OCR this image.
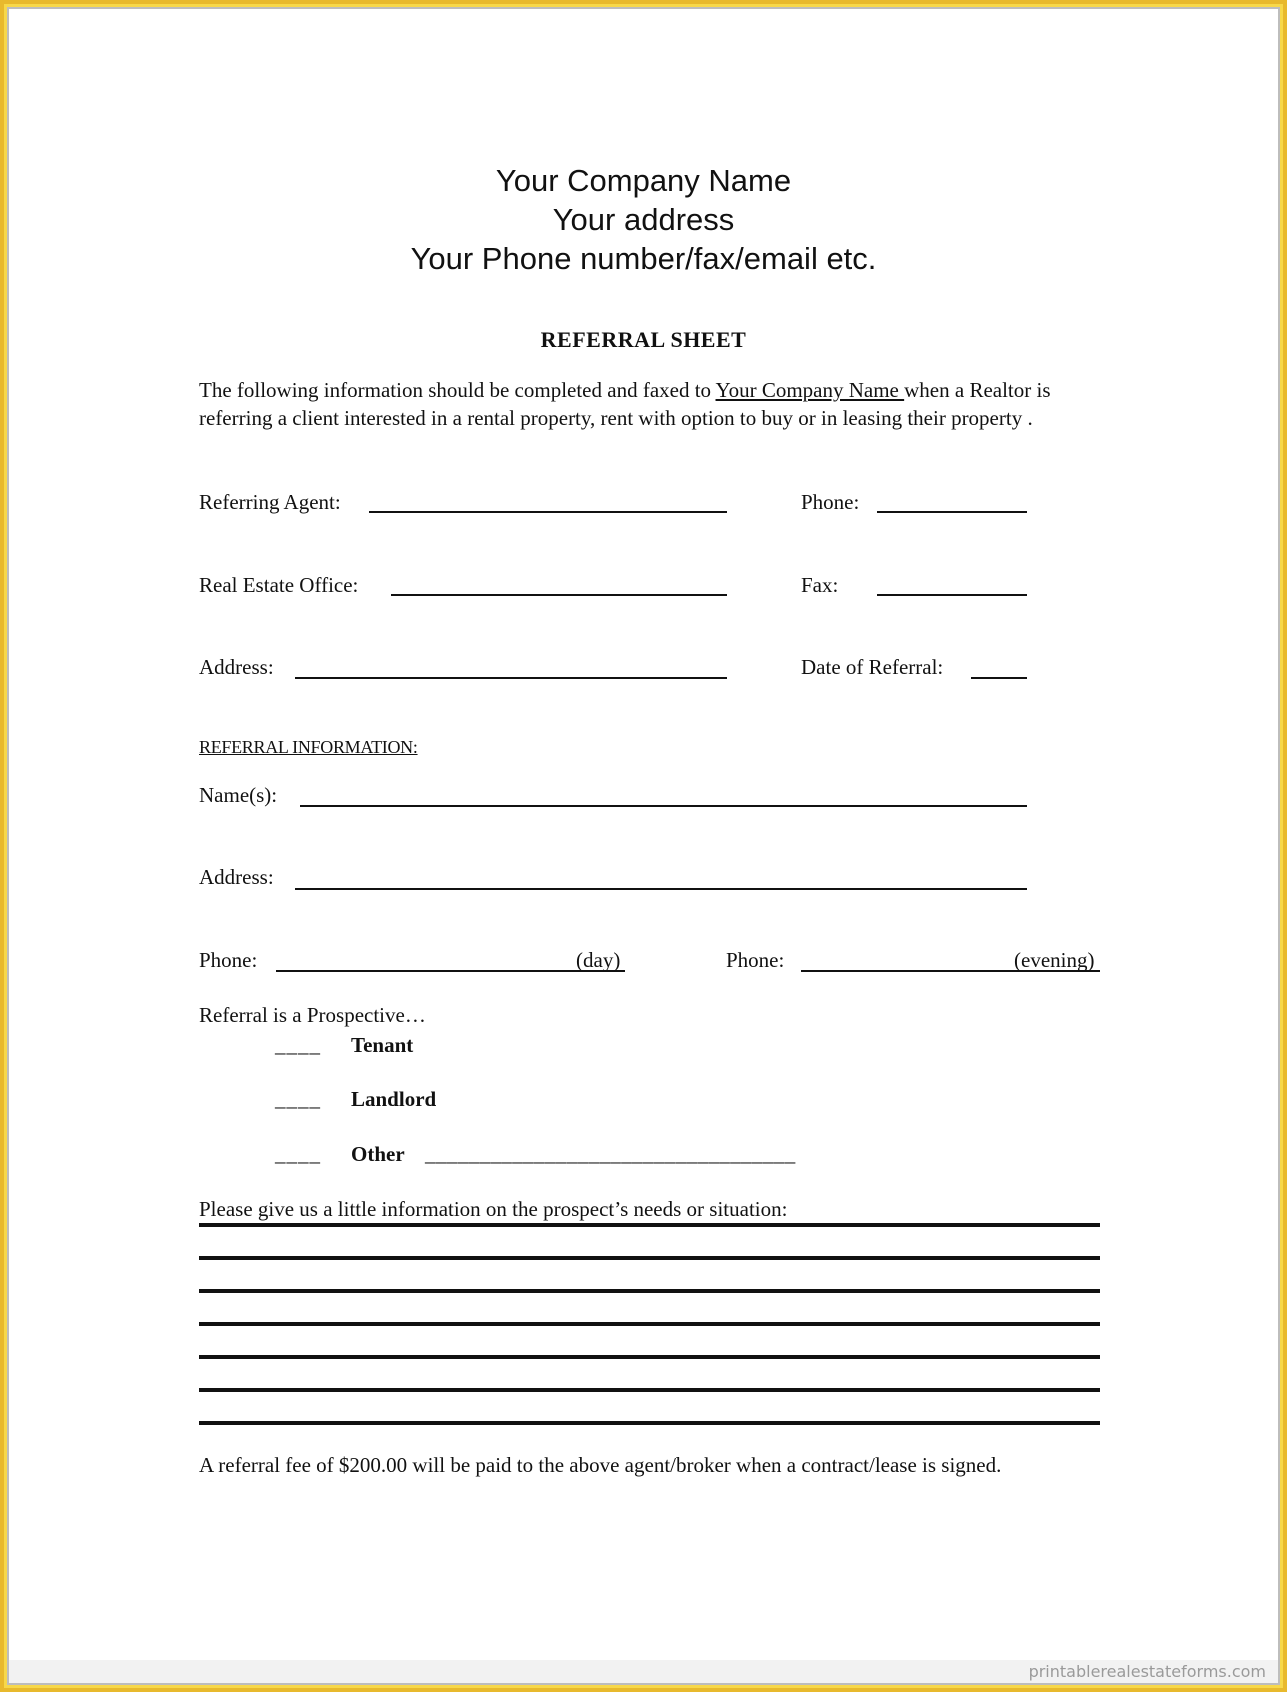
Your Company Name
Your address
Your Phone number/fax/email etc.
REFERRAL SHEET
The following information should be completed and faxed to Your Company Name when a Realtor is referring a client interested in a rental property, rent with option to buy or in leasing their property .
Referring Agent:	Phone:
Real Estate Office:	Fax:
Address:	Date of Referral:
REFERRAL INFORMATION:
Name(s):
Address:
Phone:	(day)	Phone:	(evening)
Referral is a Prospective…
____ Tenant
____ Landlord
____ Other __________________________________
Please give us a little information on the prospect’s needs or situation:
A referral fee of $200.00 will be paid to the above agent/broker when a contract/lease is signed.
printablerealestateforms.com
